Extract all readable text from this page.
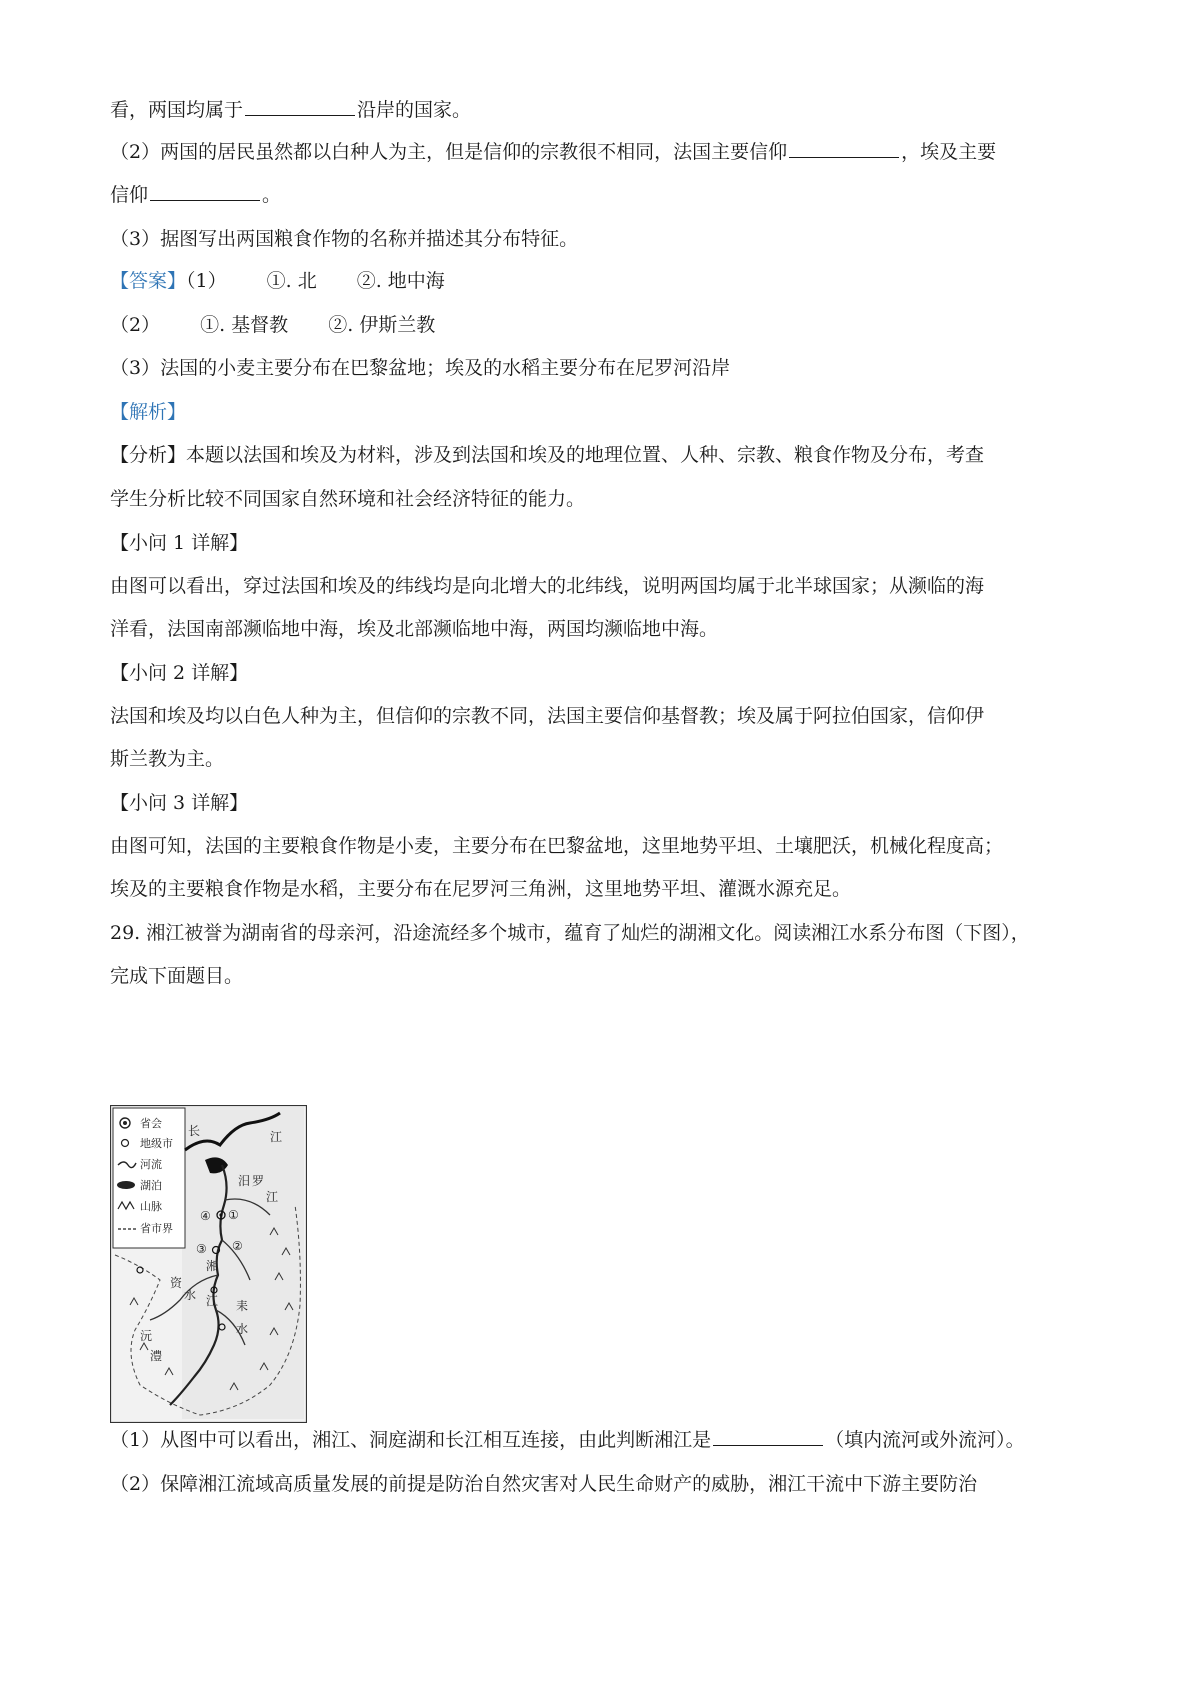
看，两国均属于	沿岸的国家。
（2）两国的居民虽然都以白种人为主，但是信仰的宗教很不相同，法国主要信仰	，埃及主要
信仰	。
（3）据图写出两国粮食作物的名称并描述其分布特征。
【答案】（1） ①. 北 ②. 地中海
（2） ①. 基督教 ②. 伊斯兰教
（3）法国的小麦主要分布在巴黎盆地；埃及的水稻主要分布在尼罗河沿岸
【解析】
【分析】本题以法国和埃及为材料，涉及到法国和埃及的地理位置、人种、宗教、粮食作物及分布，考查
学生分析比较不同国家自然环境和社会经济特征的能力。
【小问 1 详解】
由图可以看出，穿过法国和埃及的纬线均是向北增大的北纬线，说明两国均属于北半球国家；从濒临的海
洋看，法国南部濒临地中海，埃及北部濒临地中海，两国均濒临地中海。
【小问 2 详解】
法国和埃及均以白色人种为主，但信仰的宗教不同，法国主要信仰基督教；埃及属于阿拉伯国家，信仰伊
斯兰教为主。
【小问 3 详解】
由图可知，法国的主要粮食作物是小麦，主要分布在巴黎盆地，这里地势平坦、土壤肥沃，机械化程度高；
埃及的主要粮食作物是水稻，主要分布在尼罗河三角洲，这里地势平坦、灌溉水源充足。
29. 湘江被誉为湖南省的母亲河，沿途流经多个城市，蕴育了灿烂的湖湘文化。阅读湘江水系分布图（下图），
完成下面题目。
省会
地级市
河流
湖泊
山脉
省市界
长	江
汨 罗
江
④ ①
②
③
湘
江
资
水
沅
澧
耒
水
（1）从图中可以看出，湘江、洞庭湖和长江相互连接，由此判断湘江是	（填内流河或外流河）。
（2）保障湘江流域高质量发展的前提是防治自然灾害对人民生命财产的威胁，湘江干流中下游主要防治
